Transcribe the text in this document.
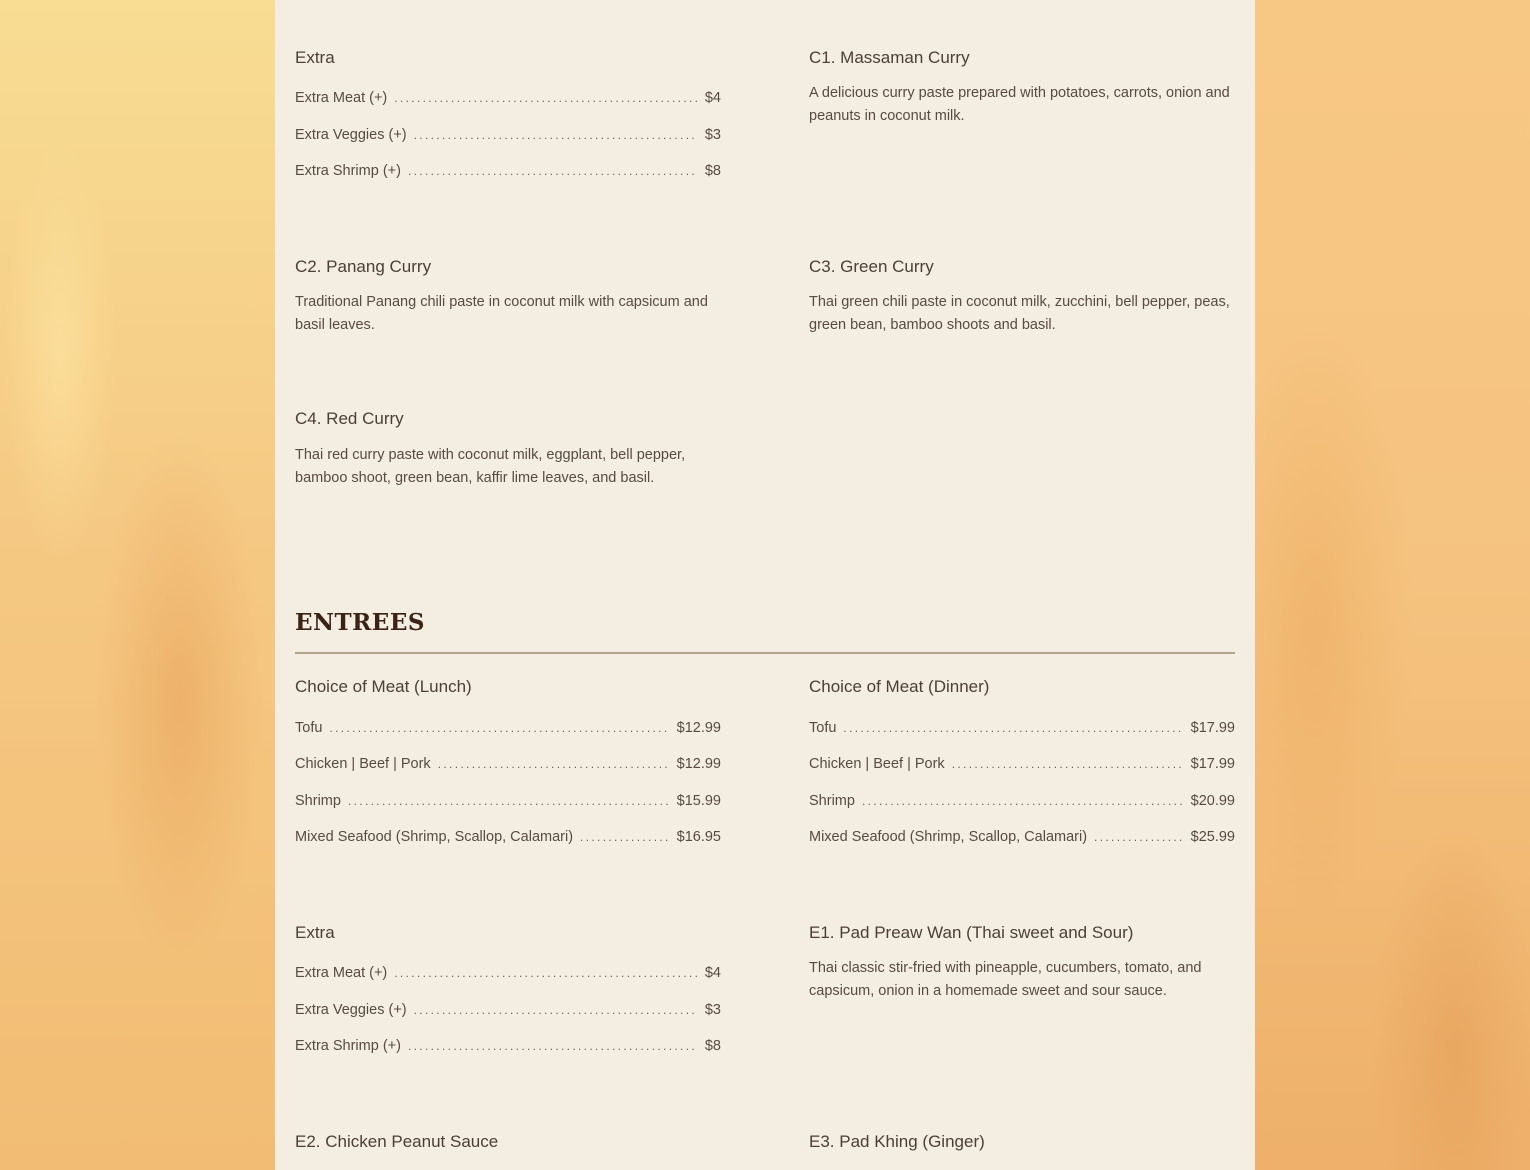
Extra
Extra Meat (+) . . .	$4
Extra Veggies (+) . . .	$3
Extra Shrimp (+) . . .	$8
C1. Massaman Curry
A delicious curry paste prepared with potatoes, carrots, onion and peanuts in coconut milk.
C2. Panang Curry
Traditional Panang chili paste in coconut milk with capsicum and basil leaves.
C3. Green Curry
Thai green chili paste in coconut milk, zucchini, bell pepper, peas, green bean, bamboo shoots and basil.
C4. Red Curry
Thai red curry paste with coconut milk, eggplant, bell pepper, bamboo shoot, green bean, kaffir lime leaves, and basil.
ENTREES
Choice of Meat (Lunch)
Tofu . . .	$12.99
Chicken | Beef | Pork . . .	$12.99
Shrimp . . .	$15.99
Mixed Seafood (Shrimp, Scallop, Calamari) . . .	$16.95
Choice of Meat (Dinner)
Tofu . . .	$17.99
Chicken | Beef | Pork . . .	$17.99
Shrimp . . .	$20.99
Mixed Seafood (Shrimp, Scallop, Calamari) . . .	$25.99
Extra
Extra Meat (+) . . .	$4
Extra Veggies (+) . . .	$3
Extra Shrimp (+) . . .	$8
E1. Pad Preaw Wan (Thai sweet and Sour)
Thai classic stir-fried with pineapple, cucumbers, tomato, and capsicum, onion in a homemade sweet and sour sauce.
E2. Chicken Peanut Sauce	E3. Pad Khing (Ginger)
